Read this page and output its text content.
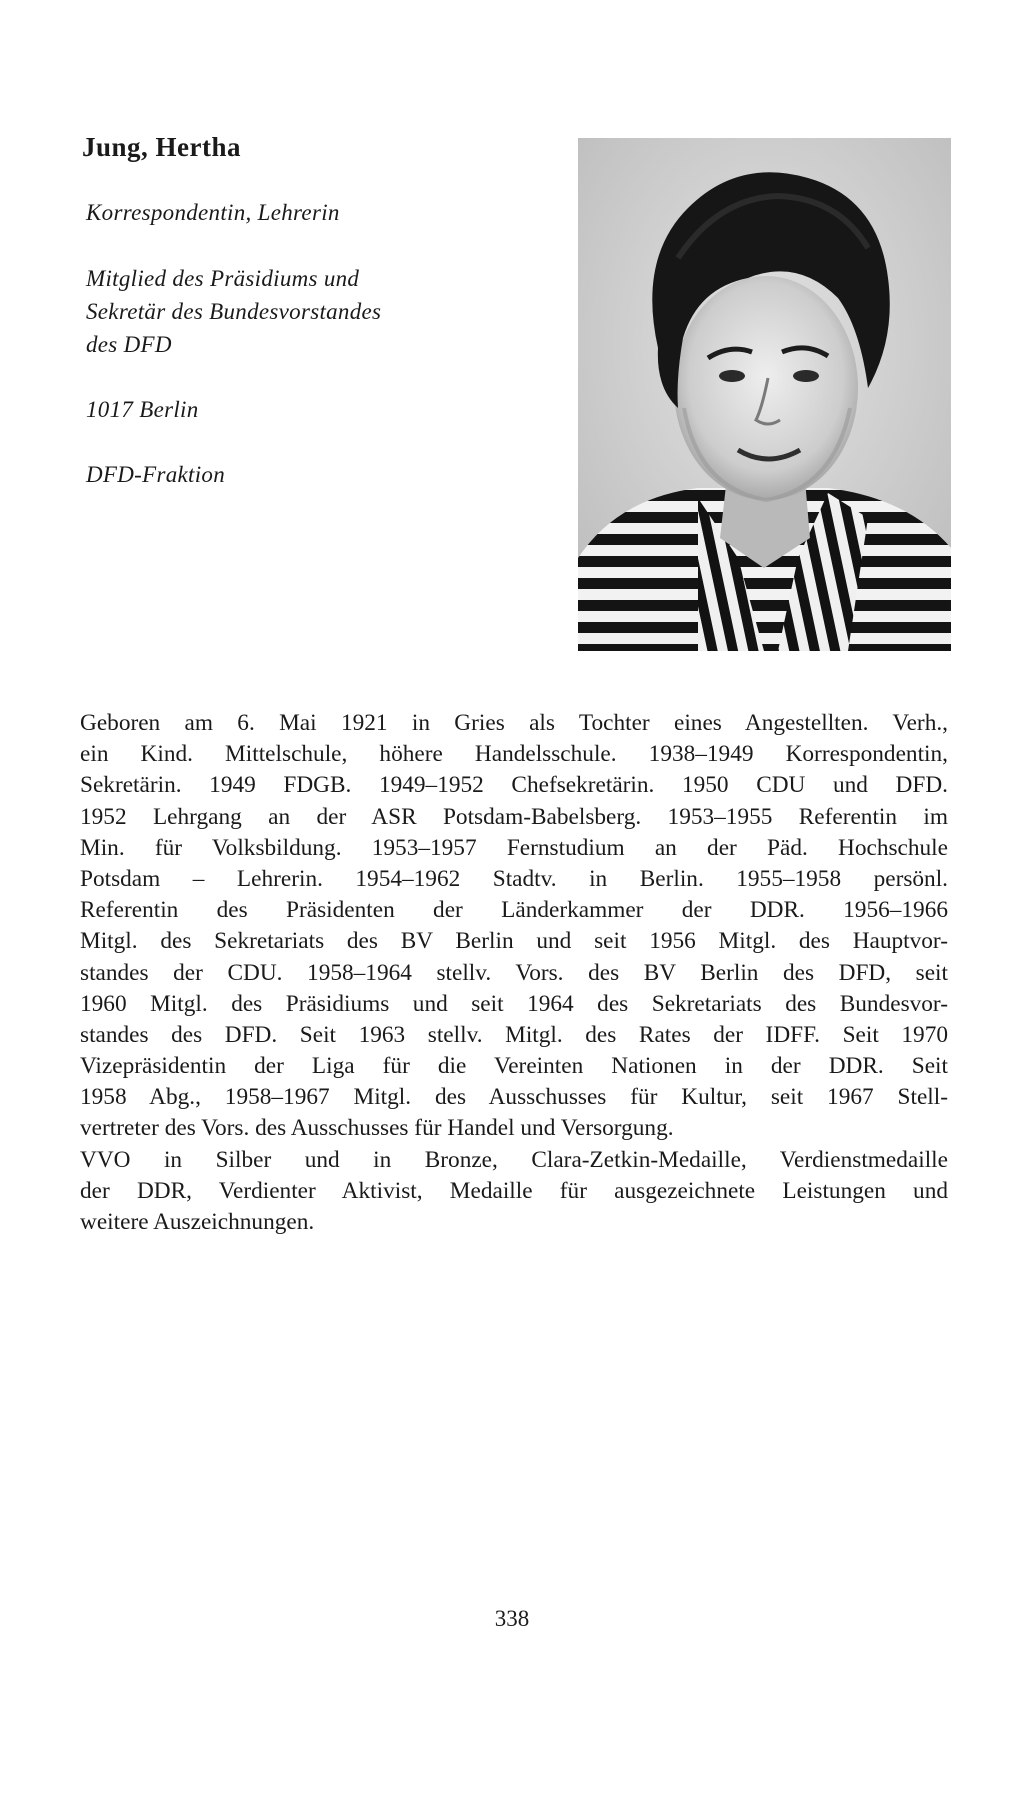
Jung, Hertha

Korrespondentin, Lehrerin

Mitglied des Präsidiums und
Sekretär des Bundesvorstandes
des DFD

1017 Berlin

DFD-Fraktion

Geboren am 6. Mai 1921 in Gries als Tochter eines Angestellten. Verh.,
ein Kind. Mittelschule, höhere Handelsschule. 1938–1949 Korrespondentin,
Sekretärin. 1949 FDGB. 1949–1952 Chefsekretärin. 1950 CDU und DFD.
1952 Lehrgang an der ASR Potsdam-Babelsberg. 1953–1955 Referentin im
Min. für Volksbildung. 1953–1957 Fernstudium an der Päd. Hochschule
Potsdam – Lehrerin. 1954–1962 Stadtv. in Berlin. 1955–1958 persönl.
Referentin des Präsidenten der Länderkammer der DDR. 1956–1966
Mitgl. des Sekretariats des BV Berlin und seit 1956 Mitgl. des Hauptvor-
standes der CDU. 1958–1964 stellv. Vors. des BV Berlin des DFD, seit
1960 Mitgl. des Präsidiums und seit 1964 des Sekretariats des Bundesvor-
standes des DFD. Seit 1963 stellv. Mitgl. des Rates der IDFF. Seit 1970
Vizepräsidentin der Liga für die Vereinten Nationen in der DDR. Seit
1958 Abg., 1958–1967 Mitgl. des Ausschusses für Kultur, seit 1967 Stell-
vertreter des Vors. des Ausschusses für Handel und Versorgung.
VVO in Silber und in Bronze, Clara-Zetkin-Medaille, Verdienstmedaille
der DDR, Verdienter Aktivist, Medaille für ausgezeichnete Leistungen und
weitere Auszeichnungen.

338
